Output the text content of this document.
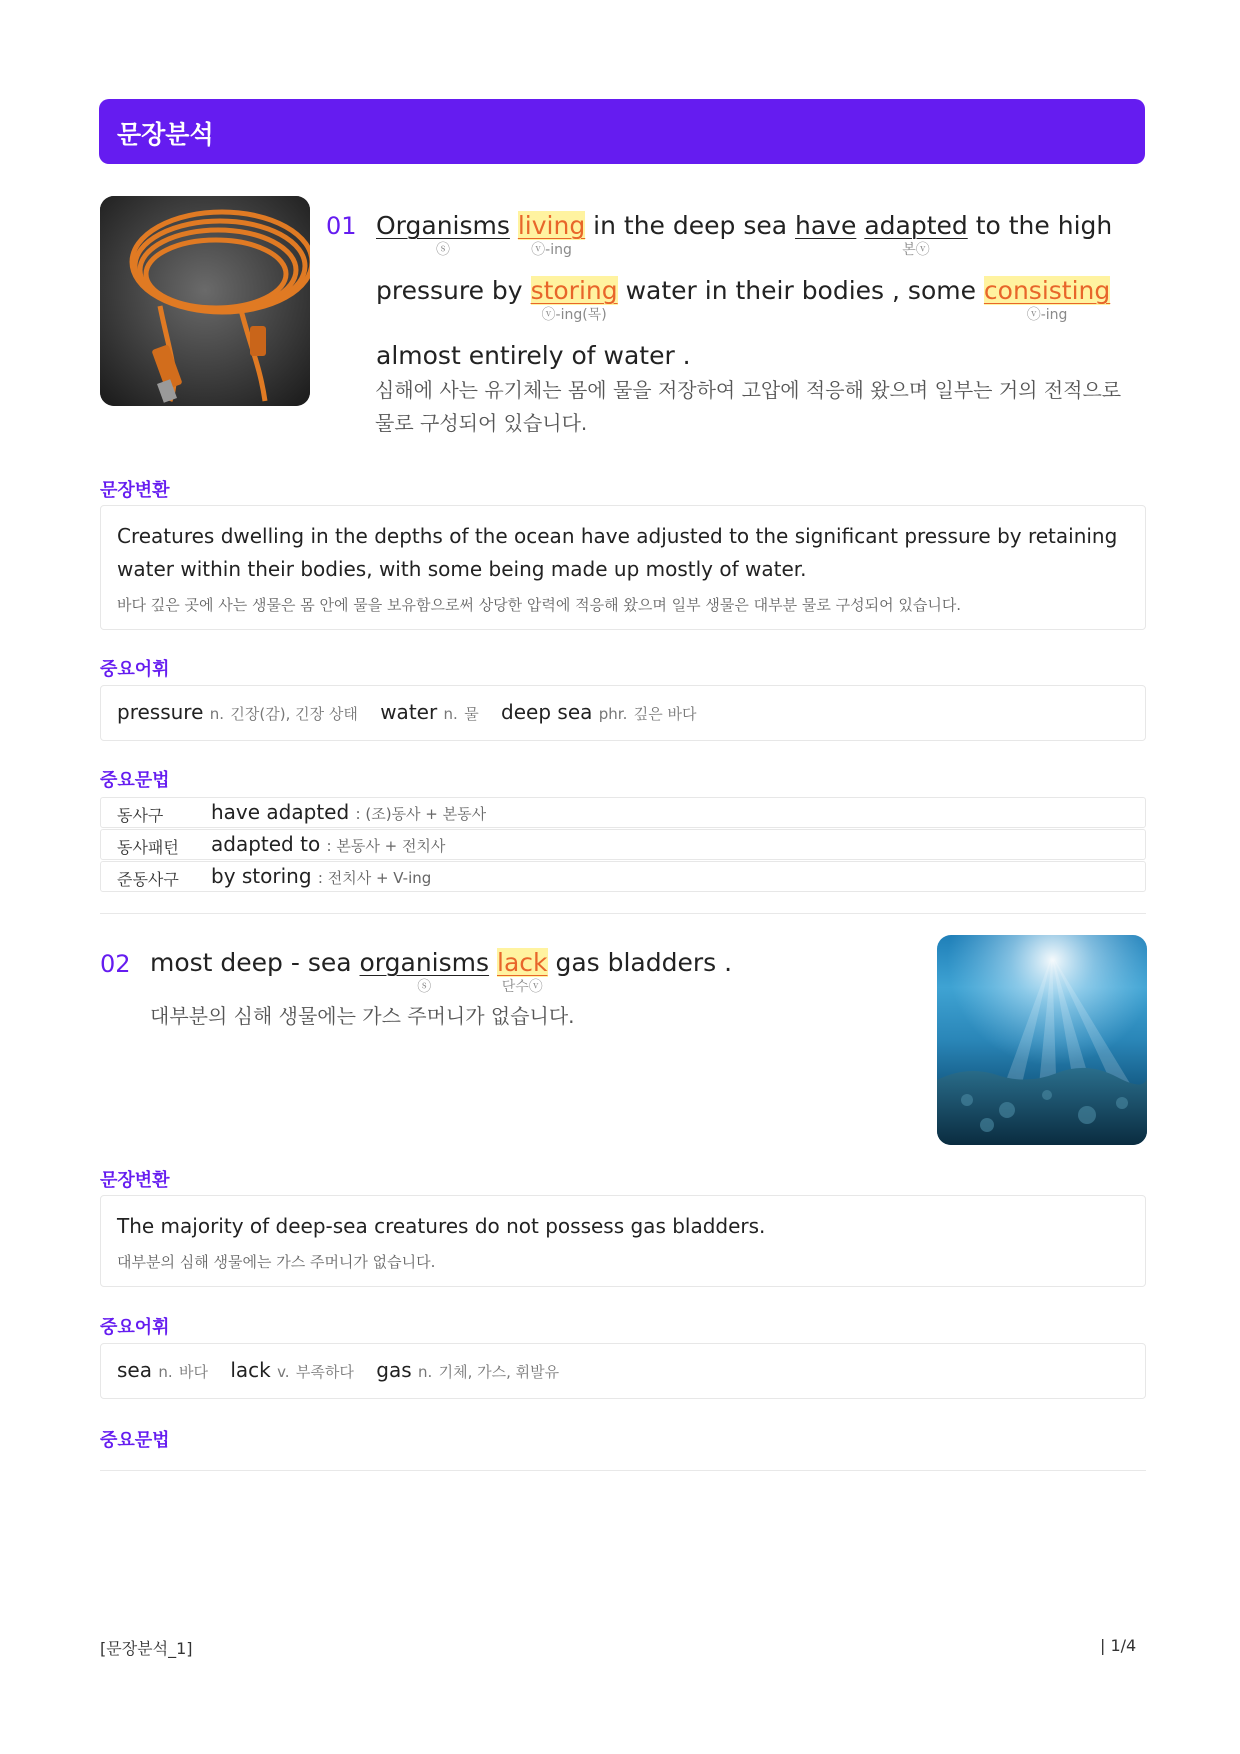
문장분석
01 Organisms
ⓢ
living
ⓥ-ing
in the deep sea have adapted
본ⓥ
to the high
pressure by storing
ⓥ-ing(목)
water in their bodies , some consisting
ⓥ-ing
almost entirely of water .
심해에 사는 유기체는 몸에 물을 저장하여 고압에 적응해 왔으며 일부는 거의 전적으로 물로 구성되어 있습니다.
문장변환
Creatures dwelling in the depths of the ocean have adjusted to the significant pressure by retaining water within their bodies, with some being made up mostly of water.
바다 깊은 곳에 사는 생물은 몸 안에 물을 보유함으로써 상당한 압력에 적응해 왔으며 일부 생물은 대부분 물로 구성되어 있습니다.
중요어휘
pressure n. 긴장(감), 긴장 상태 water n. 물 deep sea phr. 깊은 바다
중요문법
동사구 have adapted : (조)동사 + 본동사
동사패턴 adapted to : 본동사 + 전치사
준동사구 by storing : 전치사 + V-ing
02 most deep - sea organisms
ⓢ
lack
단수ⓥ
gas bladders .
대부분의 심해 생물에는 가스 주머니가 없습니다.
문장변환
The majority of deep-sea creatures do not possess gas bladders.
대부분의 심해 생물에는 가스 주머니가 없습니다.
중요어휘
sea n. 바다 lack v. 부족하다 gas n. 기체, 가스, 휘발유
중요문법
[문장분석_1]	| 1/4
